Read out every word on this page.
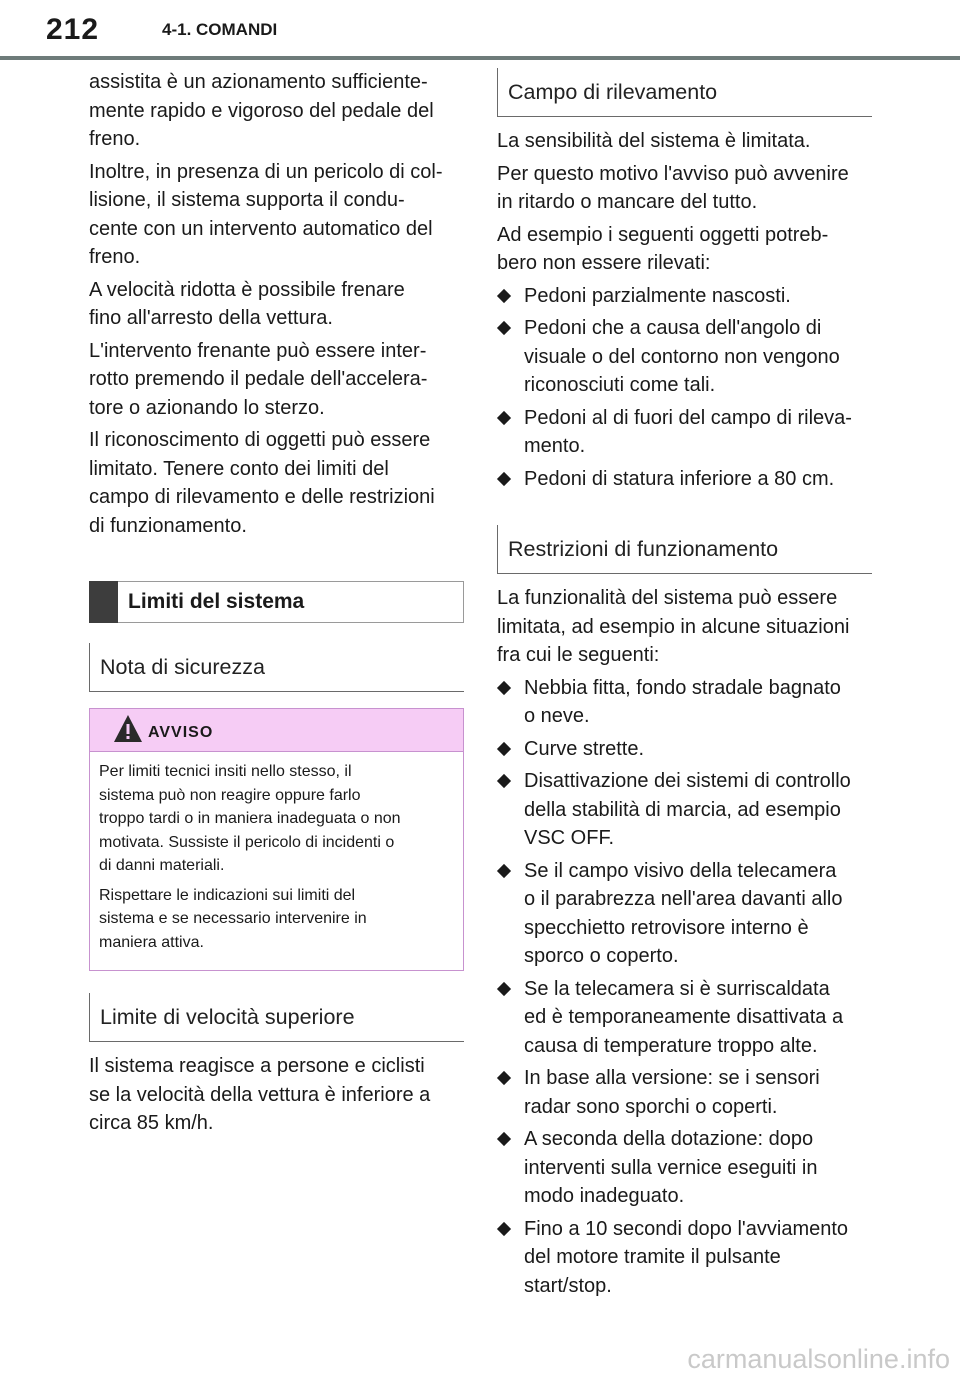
212	4-1. COMANDI

assistita è un azionamento sufficiente-
mente rapido e vigoroso del pedale del
freno.

Inoltre, in presenza di un pericolo di col-
lisione, il sistema supporta il condu-
cente con un intervento automatico del
freno.

A velocità ridotta è possibile frenare
fino all'arresto della vettura.

L'intervento frenante può essere inter-
rotto premendo il pedale dell'accelera-
tore o azionando lo sterzo.

Il riconoscimento di oggetti può essere
limitato. Tenere conto dei limiti del
campo di rilevamento e delle restrizioni
di funzionamento.

Limiti del sistema
Nota di sicurezza
AVVISO

Per limiti tecnici insiti nello stesso, il
sistema può non reagire oppure farlo
troppo tardi o in maniera inadeguata o non
motivata. Sussiste il pericolo di incidenti o
di danni materiali.

Rispettare le indicazioni sui limiti del
sistema e se necessario intervenire in
maniera attiva.

Limite di velocità superiore

Il sistema reagisce a persone e ciclisti
se la velocità della vettura è inferiore a
circa 85 km/h.

Campo di rilevamento

La sensibilità del sistema è limitata.

Per questo motivo l'avviso può avvenire
in ritardo o mancare del tutto.

Ad esempio i seguenti oggetti potreb-
bero non essere rilevati:

Pedoni parzialmente nascosti.
Pedoni che a causa dell'angolo di
visuale o del contorno non vengono
riconosciuti come tali.
Pedoni al di fuori del campo di rileva-
mento.
Pedoni di statura inferiore a 80 cm.
Restrizioni di funzionamento

La funzionalità del sistema può essere
limitata, ad esempio in alcune situazioni
fra cui le seguenti:

Nebbia fitta, fondo stradale bagnato
o neve.
Curve strette.
Disattivazione dei sistemi di controllo
della stabilità di marcia, ad esempio
VSC OFF.
Se il campo visivo della telecamera
o il parabrezza nell'area davanti allo
specchietto retrovisore interno è
sporco o coperto.
Se la telecamera si è surriscaldata
ed è temporaneamente disattivata a
causa di temperature troppo alte.
In base alla versione: se i sensori
radar sono sporchi o coperti.
A seconda della dotazione: dopo
interventi sulla vernice eseguiti in
modo inadeguato.
Fino a 10 secondi dopo l'avviamento
del motore tramite il pulsante
start/stop.
carmanualsonline.info
